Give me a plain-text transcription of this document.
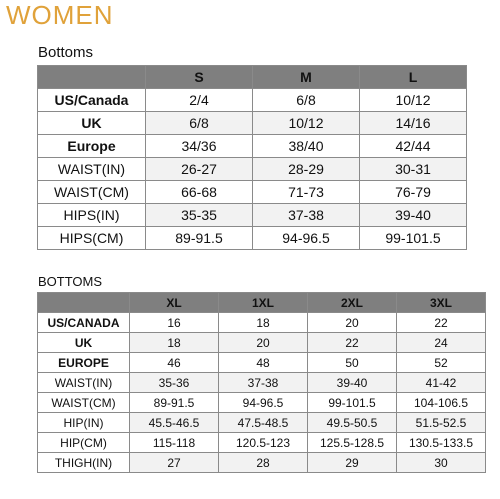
WOMEN
Bottoms
	S	M	L
US/Canada	2/4	6/8	10/12
UK	6/8	10/12	14/16
Europe	34/36	38/40	42/44
WAIST(IN)	26-27	28-29	30-31
WAIST(CM)	66-68	71-73	76-79
HIPS(IN)	35-35	37-38	39-40
HIPS(CM)	89-91.5	94-96.5	99-101.5
BOTTOMS
	XL	1XL	2XL	3XL
US/CANADA	16	18	20	22
UK	18	20	22	24
EUROPE	46	48	50	52
WAIST(IN)	35-36	37-38	39-40	41-42
WAIST(CM)	89-91.5	94-96.5	99-101.5	104-106.5
HIP(IN)	45.5-46.5	47.5-48.5	49.5-50.5	51.5-52.5
HIP(CM)	115-118	120.5-123	125.5-128.5	130.5-133.5
THIGH(IN)	27	28	29	30
